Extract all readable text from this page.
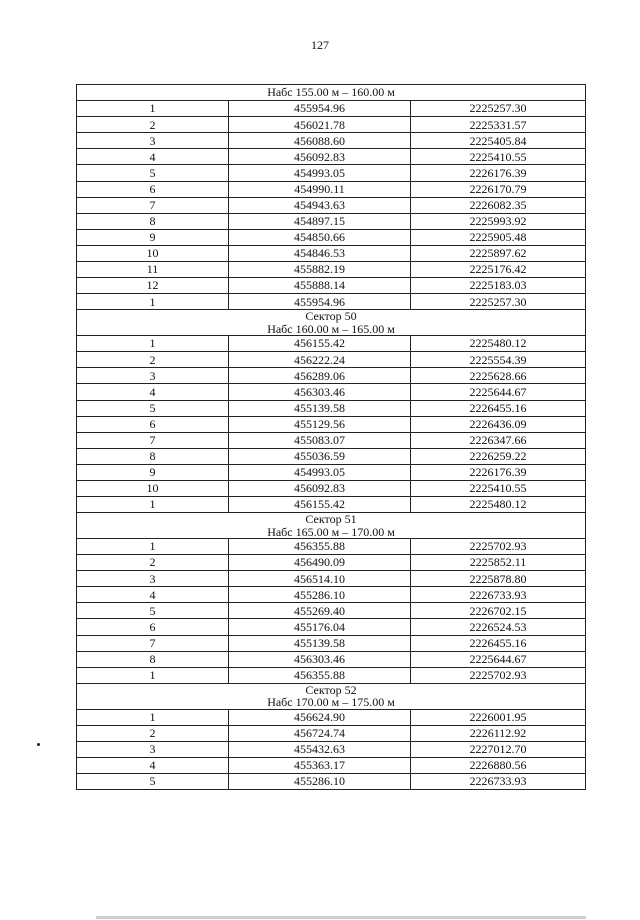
127
Набс 155.00 м – 160.00 м		

1	455954.96	2225257.30
2	456021.78	2225331.57
3	456088.60	2225405.84
4	456092.83	2225410.55
5	454993.05	2226176.39
6	454990.11	2226170.79
7	454943.63	2226082.35
8	454897.15	2225993.92
9	454850.66	2225905.48
10	454846.53	2225897.62
11	455882.19	2225176.42
12	455888.14	2225183.03
1	455954.96	2225257.30

Сектор 50
Набс 160.00 м – 165.00 м		

1	456155.42	2225480.12
2	456222.24	2225554.39
3	456289.06	2225628.66
4	456303.46	2225644.67
5	455139.58	2226455.16
6	455129.56	2226436.09
7	455083.07	2226347.66
8	455036.59	2226259.22
9	454993.05	2226176.39
10	456092.83	2225410.55
1	456155.42	2225480.12

Сектор 51
Набс 165.00 м – 170.00 м		

1	456355.88	2225702.93
2	456490.09	2225852.11
3	456514.10	2225878.80
4	455286.10	2226733.93
5	455269.40	2226702.15
6	455176.04	2226524.53
7	455139.58	2226455.16
8	456303.46	2225644.67
1	456355.88	2225702.93

Сектор 52
Набс 170.00 м – 175.00 м		

1	456624.90	2226001.95
2	456724.74	2226112.92
3	455432.63	2227012.70
4	455363.17	2226880.56
5	455286.10	2226733.93
